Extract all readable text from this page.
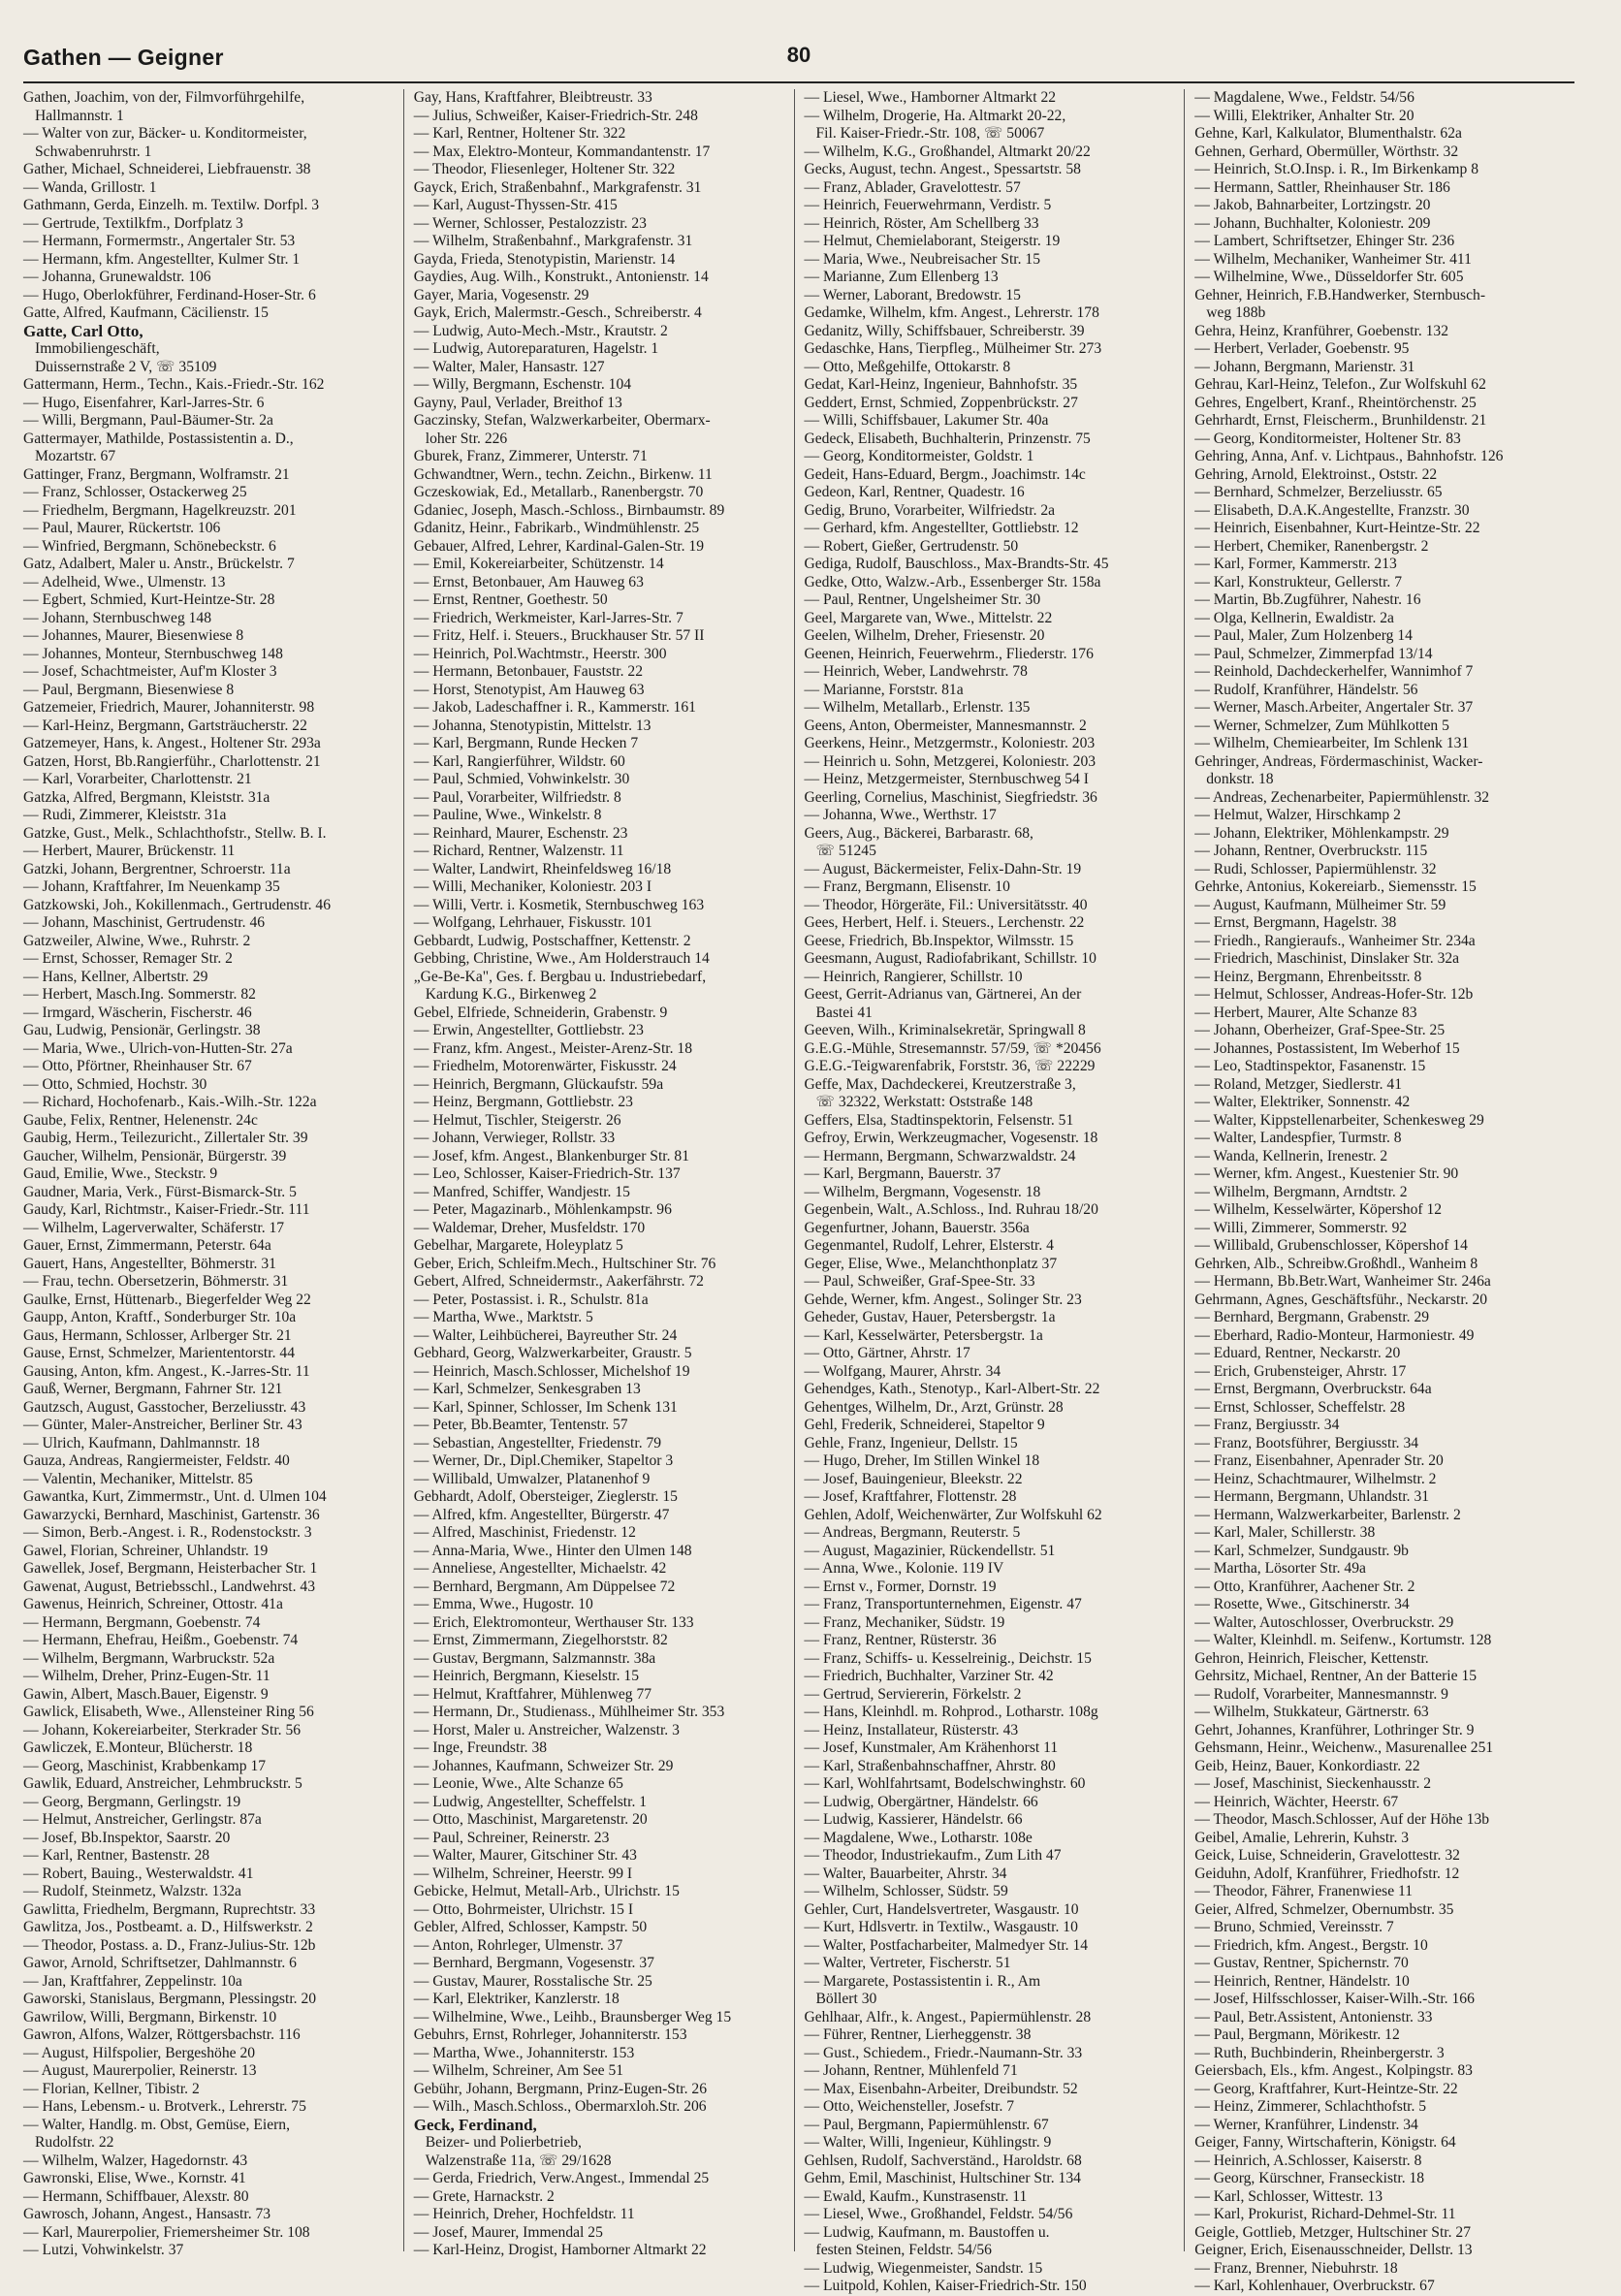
Gathen — Geigner	80
Gathen, Joachim, von der, Filmvorführgehilfe,
Hallmannstr. 1
— Walter von zur, Bäcker- u. Konditormeister,
Schwabenruhrstr. 1
Gather, Michael, Schneiderei, Liebfrauenstr. 38
— Wanda, Grillostr. 1
Gathmann, Gerda, Einzelh. m. Textilw. Dorfpl. 3
— Gertrude, Textilkfm., Dorfplatz 3
— Hermann, Formermstr., Angertaler Str. 53
— Hermann, kfm. Angestellter, Kulmer Str. 1
— Johanna, Grunewaldstr. 106
— Hugo, Oberlokführer, Ferdinand-Hoser-Str. 6
Gatte, Alfred, Kaufmann, Cäcilienstr. 15
Gatte, Carl Otto,
Immobiliengeschäft,
Duissernstraße 2 V, ☏ 35109
Gattermann, Herm., Techn., Kais.-Friedr.-Str. 162
— Hugo, Eisenfahrer, Karl-Jarres-Str. 6
— Willi, Bergmann, Paul-Bäumer-Str. 2a
Gattermayer, Mathilde, Postassistentin a. D.,
Mozartstr. 67
Gattinger, Franz, Bergmann, Wolframstr. 21
— Franz, Schlosser, Ostackerweg 25
— Friedhelm, Bergmann, Hagelkreuzstr. 201
— Paul, Maurer, Rückertstr. 106
— Winfried, Bergmann, Schönebeckstr. 6
Gatz, Adalbert, Maler u. Anstr., Brückelstr. 7
— Adelheid, Wwe., Ulmenstr. 13
— Egbert, Schmied, Kurt-Heintze-Str. 28
— Johann, Sternbuschweg 148
— Johannes, Maurer, Biesenwiese 8
— Johannes, Monteur, Sternbuschweg 148
— Josef, Schachtmeister, Auf'm Kloster 3
— Paul, Bergmann, Biesenwiese 8
Gatzemeier, Friedrich, Maurer, Johanniterstr. 98
— Karl-Heinz, Bergmann, Gartsträucherstr. 22
Gatzemeyer, Hans, k. Angest., Holtener Str. 293a
Gatzen, Horst, Bb.Rangierführ., Charlottenstr. 21
— Karl, Vorarbeiter, Charlottenstr. 21
Gatzka, Alfred, Bergmann, Kleiststr. 31a
— Rudi, Zimmerer, Kleiststr. 31a
Gatzke, Gust., Melk., Schlachthofstr., Stellw. B. I.
— Herbert, Maurer, Brückenstr. 11
Gatzki, Johann, Bergrentner, Schroerstr. 11a
— Johann, Kraftfahrer, Im Neuenkamp 35
Gatzkowski, Joh., Kokillenmach., Gertrudenstr. 46
— Johann, Maschinist, Gertrudenstr. 46
Gatzweiler, Alwine, Wwe., Ruhrstr. 2
— Ernst, Schosser, Remager Str. 2
— Hans, Kellner, Albertstr. 29
— Herbert, Masch.Ing. Sommerstr. 82
— Irmgard, Wäscherin, Fischerstr. 46
Gau, Ludwig, Pensionär, Gerlingstr. 38
— Maria, Wwe., Ulrich-von-Hutten-Str. 27a
— Otto, Pförtner, Rheinhauser Str. 67
— Otto, Schmied, Hochstr. 30
— Richard, Hochofenarb., Kais.-Wilh.-Str. 122a
Gaube, Felix, Rentner, Helenenstr. 24c
Gaubig, Herm., Teilezuricht., Zillertaler Str. 39
Gaucher, Wilhelm, Pensionär, Bürgerstr. 39
Gaud, Emilie, Wwe., Steckstr. 9
Gaudner, Maria, Verk., Fürst-Bismarck-Str. 5
Gaudy, Karl, Richtmstr., Kaiser-Friedr.-Str. 111
— Wilhelm, Lagerverwalter, Schäferstr. 17
Gauer, Ernst, Zimmermann, Peterstr. 64a
Gauert, Hans, Angestellter, Böhmerstr. 31
— Frau, techn. Obersetzerin, Böhmerstr. 31
Gaulke, Ernst, Hüttenarb., Biegerfelder Weg 22
Gaupp, Anton, Kraftf., Sonderburger Str. 10a
Gaus, Hermann, Schlosser, Arlberger Str. 21
Gause, Ernst, Schmelzer, Mariententorstr. 44
Gausing, Anton, kfm. Angest., K.-Jarres-Str. 11
Gauß, Werner, Bergmann, Fahrner Str. 121
Gautzsch, August, Gasstocher, Berzeliusstr. 43
— Günter, Maler-Anstreicher, Berliner Str. 43
— Ulrich, Kaufmann, Dahlmannstr. 18
Gauza, Andreas, Rangiermeister, Feldstr. 40
— Valentin, Mechaniker, Mittelstr. 85
Gawantka, Kurt, Zimmermstr., Unt. d. Ulmen 104
Gawarzycki, Bernhard, Maschinist, Gartenstr. 36
— Simon, Berb.-Angest. i. R., Rodenstockstr. 3
Gawel, Florian, Schreiner, Uhlandstr. 19
Gawellek, Josef, Bergmann, Heisterbacher Str. 1
Gawenat, August, Betriebsschl., Landwehrst. 43
Gawenus, Heinrich, Schreiner, Ottostr. 41a
— Hermann, Bergmann, Goebenstr. 74
— Hermann, Ehefrau, Heißm., Goebenstr. 74
— Wilhelm, Bergmann, Warbruckstr. 52a
— Wilhelm, Dreher, Prinz-Eugen-Str. 11
Gawin, Albert, Masch.Bauer, Eigenstr. 9
Gawlick, Elisabeth, Wwe., Allensteiner Ring 56
— Johann, Kokereiarbeiter, Sterkrader Str. 56
Gawliczek, E.Monteur, Blücherstr. 18
— Georg, Maschinist, Krabbenkamp 17
Gawlik, Eduard, Anstreicher, Lehmbruckstr. 5
— Georg, Bergmann, Gerlingstr. 19
— Helmut, Anstreicher, Gerlingstr. 87a
— Josef, Bb.Inspektor, Saarstr. 20
— Karl, Rentner, Bastenstr. 28
— Robert, Bauing., Westerwaldstr. 41
— Rudolf, Steinmetz, Walzstr. 132a
Gawlitta, Friedhelm, Bergmann, Ruprechtstr. 33
Gawlitza, Jos., Postbeamt. a. D., Hilfswerkstr. 2
— Theodor, Postass. a. D., Franz-Julius-Str. 12b
Gawor, Arnold, Schriftsetzer, Dahlmannstr. 6
— Jan, Kraftfahrer, Zeppelinstr. 10a
Gaworski, Stanislaus, Bergmann, Plessingstr. 20
Gawrilow, Willi, Bergmann, Birkenstr. 10
Gawron, Alfons, Walzer, Röttgersbachstr. 116
— August, Hilfspolier, Bergeshöhe 20
— August, Maurerpolier, Reinerstr. 13
— Florian, Kellner, Tibistr. 2
— Hans, Lebensm.- u. Brotverk., Lehrerstr. 75
— Walter, Handlg. m. Obst, Gemüse, Eiern,
Rudolfstr. 22
— Wilhelm, Walzer, Hagedornstr. 43
Gawronski, Elise, Wwe., Kornstr. 41
— Hermann, Schiffbauer, Alexstr. 80
Gawrosch, Johann, Angest., Hansastr. 73
— Karl, Maurerpolier, Friemersheimer Str. 108
— Lutzi, Vohwinkelstr. 37
Gay, Hans, Kraftfahrer, Bleibtreustr. 33
— Julius, Schweißer, Kaiser-Friedrich-Str. 248
— Karl, Rentner, Holtener Str. 322
— Max, Elektro-Monteur, Kommandantenstr. 17
— Theodor, Fliesenleger, Holtener Str. 322
Gayck, Erich, Straßenbahnf., Markgrafenstr. 31
— Karl, August-Thyssen-Str. 415
— Werner, Schlosser, Pestalozzistr. 23
— Wilhelm, Straßenbahnf., Markgrafenstr. 31
Gayda, Frieda, Stenotypistin, Marienstr. 14
Gaydies, Aug. Wilh., Konstrukt., Antonienstr. 14
Gayer, Maria, Vogesenstr. 29
Gayk, Erich, Malermstr.-Gesch., Schreiberstr. 4
— Ludwig, Auto-Mech.-Mstr., Krautstr. 2
— Ludwig, Autoreparaturen, Hagelstr. 1
— Walter, Maler, Hansastr. 127
— Willy, Bergmann, Eschenstr. 104
Gayny, Paul, Verlader, Breithof 13
Gaczinsky, Stefan, Walzwerkarbeiter, Obermarx-
loher Str. 226
Gburek, Franz, Zimmerer, Unterstr. 71
Gchwandtner, Wern., techn. Zeichn., Birkenw. 11
Gczeskowiak, Ed., Metallarb., Ranenbergstr. 70
Gdaniec, Joseph, Masch.-Schloss., Birnbaumstr. 89
Gdanitz, Heinr., Fabrikarb., Windmühlenstr. 25
Gebauer, Alfred, Lehrer, Kardinal-Galen-Str. 19
— Emil, Kokereiarbeiter, Schützenstr. 14
— Ernst, Betonbauer, Am Hauweg 63
— Ernst, Rentner, Goethestr. 50
— Friedrich, Werkmeister, Karl-Jarres-Str. 7
— Fritz, Helf. i. Steuers., Bruckhauser Str. 57 II
— Heinrich, Pol.Wachtmstr., Heerstr. 300
— Hermann, Betonbauer, Fauststr. 22
— Horst, Stenotypist, Am Hauweg 63
— Jakob, Ladeschaffner i. R., Kammerstr. 161
— Johanna, Stenotypistin, Mittelstr. 13
— Karl, Bergmann, Runde Hecken 7
— Karl, Rangierführer, Wildstr. 60
— Paul, Schmied, Vohwinkelstr. 30
— Paul, Vorarbeiter, Wilfriedstr. 8
— Pauline, Wwe., Winkelstr. 8
— Reinhard, Maurer, Eschenstr. 23
— Richard, Rentner, Walzenstr. 11
— Walter, Landwirt, Rheinfeldsweg 16/18
— Willi, Mechaniker, Koloniestr. 203 I
— Willi, Vertr. i. Kosmetik, Sternbuschweg 163
— Wolfgang, Lehrhauer, Fiskusstr. 101
Gebbardt, Ludwig, Postschaffner, Kettenstr. 2
Gebbing, Christine, Wwe., Am Holderstrauch 14
„Ge-Be-Ka", Ges. f. Bergbau u. Industriebedarf,
Kardung K.G., Birkenweg 2
Gebel, Elfriede, Schneiderin, Grabenstr. 9
— Erwin, Angestellter, Gottliebstr. 23
— Franz, kfm. Angest., Meister-Arenz-Str. 18
— Friedhelm, Motorenwärter, Fiskusstr. 24
— Heinrich, Bergmann, Glückaufstr. 59a
— Heinz, Bergmann, Gottliebstr. 23
— Helmut, Tischler, Steigerstr. 26
— Johann, Verwieger, Rollstr. 33
— Josef, kfm. Angest., Blankenburger Str. 81
— Leo, Schlosser, Kaiser-Friedrich-Str. 137
— Manfred, Schiffer, Wandjestr. 15
— Peter, Magazinarb., Möhlenkampstr. 96
— Waldemar, Dreher, Musfeldstr. 170
Gebelhar, Margarete, Holeyplatz 5
Geber, Erich, Schleifm.Mech., Hultschiner Str. 76
Gebert, Alfred, Schneidermstr., Aakerfährstr. 72
— Peter, Postassist. i. R., Schulstr. 81a
— Martha, Wwe., Marktstr. 5
— Walter, Leihbücherei, Bayreuther Str. 24
Gebhard, Georg, Walzwerkarbeiter, Graustr. 5
— Heinrich, Masch.Schlosser, Michelshof 19
— Karl, Schmelzer, Senkesgraben 13
— Karl, Spinner, Schlosser, Im Schenk 131
— Peter, Bb.Beamter, Tentenstr. 57
— Sebastian, Angestellter, Friedenstr. 79
— Werner, Dr., Dipl.Chemiker, Stapeltor 3
— Willibald, Umwalzer, Platanenhof 9
Gebhardt, Adolf, Obersteiger, Zieglerstr. 15
— Alfred, kfm. Angestellter, Bürgerstr. 47
— Alfred, Maschinist, Friedenstr. 12
— Anna-Maria, Wwe., Hinter den Ulmen 148
— Anneliese, Angestellter, Michaelstr. 42
— Bernhard, Bergmann, Am Düppelsee 72
— Emma, Wwe., Hugostr. 10
— Erich, Elektromonteur, Werthauser Str. 133
— Ernst, Zimmermann, Ziegelhorststr. 82
— Gustav, Bergmann, Salzmannstr. 38a
— Heinrich, Bergmann, Kieselstr. 15
— Helmut, Kraftfahrer, Mühlenweg 77
— Hermann, Dr., Studienass., Mühlheimer Str. 353
— Horst, Maler u. Anstreicher, Walzenstr. 3
— Inge, Freundstr. 38
— Johannes, Kaufmann, Schweizer Str. 29
— Leonie, Wwe., Alte Schanze 65
— Ludwig, Angestellter, Scheffelstr. 1
— Otto, Maschinist, Margaretenstr. 20
— Paul, Schreiner, Reinerstr. 23
— Walter, Maurer, Gitschiner Str. 43
— Wilhelm, Schreiner, Heerstr. 99 I
Gebicke, Helmut, Metall-Arb., Ulrichstr. 15
— Otto, Bohrmeister, Ulrichstr. 15 I
Gebler, Alfred, Schlosser, Kampstr. 50
— Anton, Rohrleger, Ulmenstr. 37
— Bernhard, Bergmann, Vogesenstr. 37
— Gustav, Maurer, Rosstalische Str. 25
— Karl, Elektriker, Kanzlerstr. 18
— Wilhelmine, Wwe., Leihb., Braunsberger Weg 15
Gebuhrs, Ernst, Rohrleger, Johanniterstr. 153
— Martha, Wwe., Johanniterstr. 153
— Wilhelm, Schreiner, Am See 51
Gebühr, Johann, Bergmann, Prinz-Eugen-Str. 26
— Wilh., Masch.Schloss., Obermarxloh.Str. 206
Geck, Ferdinand,
Beizer- und Polierbetrieb,
Walzenstraße 11a, ☏ 29/1628
— Gerda, Friedrich, Verw.Angest., Immendal 25
— Grete, Harnackstr. 2
— Heinrich, Dreher, Hochfeldstr. 11
— Josef, Maurer, Immendal 25
— Karl-Heinz, Drogist, Hamborner Altmarkt 22
— Liesel, Wwe., Hamborner Altmarkt 22
— Wilhelm, Drogerie, Ha. Altmarkt 20-22,
Fil. Kaiser-Friedr.-Str. 108, ☏ 50067
— Wilhelm, K.G., Großhandel, Altmarkt 20/22
Gecks, August, techn. Angest., Spessartstr. 58
— Franz, Ablader, Gravelottestr. 57
— Heinrich, Feuerwehrmann, Verdistr. 5
— Heinrich, Röster, Am Schellberg 33
— Helmut, Chemielaborant, Steigerstr. 19
— Maria, Wwe., Neubreisacher Str. 15
— Marianne, Zum Ellenberg 13
— Werner, Laborant, Bredowstr. 15
Gedamke, Wilhelm, kfm. Angest., Lehrerstr. 178
Gedanitz, Willy, Schiffsbauer, Schreiberstr. 39
Gedaschke, Hans, Tierpfleg., Mülheimer Str. 273
— Otto, Meßgehilfe, Ottokarstr. 8
Gedat, Karl-Heinz, Ingenieur, Bahnhofstr. 35
Geddert, Ernst, Schmied, Zoppenbrückstr. 27
— Willi, Schiffsbauer, Lakumer Str. 40a
Gedeck, Elisabeth, Buchhalterin, Prinzenstr. 75
— Georg, Konditormeister, Goldstr. 1
Gedeit, Hans-Eduard, Bergm., Joachimstr. 14c
Gedeon, Karl, Rentner, Quadestr. 16
Gedig, Bruno, Vorarbeiter, Wilfriedstr. 2a
— Gerhard, kfm. Angestellter, Gottliebstr. 12
— Robert, Gießer, Gertrudenstr. 50
Gediga, Rudolf, Bauschloss., Max-Brandts-Str. 45
Gedke, Otto, Walzw.-Arb., Essenberger Str. 158a
— Paul, Rentner, Ungelsheimer Str. 30
Geel, Margarete van, Wwe., Mittelstr. 22
Geelen, Wilhelm, Dreher, Friesenstr. 20
Geenen, Heinrich, Feuerwehrm., Fliederstr. 176
— Heinrich, Weber, Landwehrstr. 78
— Marianne, Forststr. 81a
— Wilhelm, Metallarb., Erlenstr. 135
Geens, Anton, Obermeister, Mannesmannstr. 2
Geerkens, Heinr., Metzgermstr., Koloniestr. 203
— Heinrich u. Sohn, Metzgerei, Koloniestr. 203
— Heinz, Metzgermeister, Sternbuschweg 54 I
Geerling, Cornelius, Maschinist, Siegfriedstr. 36
— Johanna, Wwe., Werthstr. 17
Geers, Aug., Bäckerei, Barbarastr. 68,
☏ 51245
— August, Bäckermeister, Felix-Dahn-Str. 19
— Franz, Bergmann, Elisenstr. 10
— Theodor, Hörgeräte, Fil.: Universitätsstr. 40
Gees, Herbert, Helf. i. Steuers., Lerchenstr. 22
Geese, Friedrich, Bb.Inspektor, Wilmsstr. 15
Geesmann, August, Radiofabrikant, Schillstr. 10
— Heinrich, Rangierer, Schillstr. 10
Geest, Gerrit-Adrianus van, Gärtnerei, An der
Bastei 41
Geeven, Wilh., Kriminalsekretär, Springwall 8
G.E.G.-Mühle, Stresemannstr. 57/59, ☏ *20456
G.E.G.-Teigwarenfabrik, Forststr. 36, ☏ 22229
Geffe, Max, Dachdeckerei, Kreutzerstraße 3,
☏ 32322, Werkstatt: Oststraße 148
Geffers, Elsa, Stadtinspektorin, Felsenstr. 51
Gefroy, Erwin, Werkzeugmacher, Vogesenstr. 18
— Hermann, Bergmann, Schwarzwaldstr. 24
— Karl, Bergmann, Bauerstr. 37
— Wilhelm, Bergmann, Vogesenstr. 18
Gegenbein, Walt., A.Schloss., Ind. Ruhrau 18/20
Gegenfurtner, Johann, Bauerstr. 356a
Gegenmantel, Rudolf, Lehrer, Elsterstr. 4
Geger, Elise, Wwe., Melanchthonplatz 37
— Paul, Schweißer, Graf-Spee-Str. 33
Gehde, Werner, kfm. Angest., Solinger Str. 23
Geheder, Gustav, Hauer, Petersbergstr. 1a
— Karl, Kesselwärter, Petersbergstr. 1a
— Otto, Gärtner, Ahrstr. 17
— Wolfgang, Maurer, Ahrstr. 34
Gehendges, Kath., Stenotyp., Karl-Albert-Str. 22
Gehentges, Wilhelm, Dr., Arzt, Grünstr. 28
Gehl, Frederik, Schneiderei, Stapeltor 9
Gehle, Franz, Ingenieur, Dellstr. 15
— Hugo, Dreher, Im Stillen Winkel 18
— Josef, Bauingenieur, Bleekstr. 22
— Josef, Kraftfahrer, Flottenstr. 28
Gehlen, Adolf, Weichenwärter, Zur Wolfskuhl 62
— Andreas, Bergmann, Reuterstr. 5
— August, Magazinier, Rückendellstr. 51
— Anna, Wwe., Kolonie. 119 IV
— Ernst v., Former, Dornstr. 19
— Franz, Transportunternehmen, Eigenstr. 47
— Franz, Mechaniker, Südstr. 19
— Franz, Rentner, Rüsterstr. 36
— Franz, Schiffs- u. Kesselreinig., Deichstr. 15
— Friedrich, Buchhalter, Varziner Str. 42
— Gertrud, Serviererin, Förkelstr. 2
— Hans, Kleinhdl. m. Rohprod., Lotharstr. 108g
— Heinz, Installateur, Rüsterstr. 43
— Josef, Kunstmaler, Am Krähenhorst 11
— Karl, Straßenbahnschaffner, Ahrstr. 80
— Karl, Wohlfahrtsamt, Bodelschwinghstr. 60
— Ludwig, Obergärtner, Händelstr. 66
— Ludwig, Kassierer, Händelstr. 66
— Magdalene, Wwe., Lotharstr. 108e
— Theodor, Industriekaufm., Zum Lith 47
— Walter, Bauarbeiter, Ahrstr. 34
— Wilhelm, Schlosser, Südstr. 59
Gehler, Curt, Handelsvertreter, Wasgaustr. 10
— Kurt, Hdlsvertr. in Textilw., Wasgaustr. 10
— Walter, Postfacharbeiter, Malmedyer Str. 14
— Walter, Vertreter, Fischerstr. 51
— Margarete, Postassistentin i. R., Am
Böllert 30
Gehlhaar, Alfr., k. Angest., Papiermühlenstr. 28
— Führer, Rentner, Lierheggenstr. 38
— Gust., Schiedem., Friedr.-Naumann-Str. 33
— Johann, Rentner, Mühlenfeld 71
— Max, Eisenbahn-Arbeiter, Dreibundstr. 52
— Otto, Weichensteller, Josefstr. 7
— Paul, Bergmann, Papiermühlenstr. 67
— Walter, Willi, Ingenieur, Kühlingstr. 9
Gehlsen, Rudolf, Sachverständ., Haroldstr. 68
Gehm, Emil, Maschinist, Hultschiner Str. 134
— Ewald, Kaufm., Kunstrasenstr. 11
— Liesel, Wwe., Großhandel, Feldstr. 54/56
— Ludwig, Kaufmann, m. Baustoffen u.
festen Steinen, Feldstr. 54/56
— Ludwig, Wiegenmeister, Sandstr. 15
— Luitpold, Kohlen, Kaiser-Friedrich-Str. 150
— Magdalene, Wwe., Feldstr. 54/56
— Willi, Elektriker, Anhalter Str. 20
Gehne, Karl, Kalkulator, Blumenthalstr. 62a
Gehnen, Gerhard, Obermüller, Wörthstr. 32
— Heinrich, St.O.Insp. i. R., Im Birkenkamp 8
— Hermann, Sattler, Rheinhauser Str. 186
— Jakob, Bahnarbeiter, Lortzingstr. 20
— Johann, Buchhalter, Koloniestr. 209
— Lambert, Schriftsetzer, Ehinger Str. 236
— Wilhelm, Mechaniker, Wanheimer Str. 411
— Wilhelmine, Wwe., Düsseldorfer Str. 605
Gehner, Heinrich, F.B.Handwerker, Sternbusch-
weg 188b
Gehra, Heinz, Kranführer, Goebenstr. 132
— Herbert, Verlader, Goebenstr. 95
— Johann, Bergmann, Marienstr. 31
Gehrau, Karl-Heinz, Telefon., Zur Wolfskuhl 62
Gehres, Engelbert, Kranf., Rheintörchenstr. 25
Gehrhardt, Ernst, Fleischerm., Brunhildenstr. 21
— Georg, Konditormeister, Holtener Str. 83
Gehring, Anna, Anf. v. Lichtpaus., Bahnhofstr. 126
Gehring, Arnold, Elektroinst., Oststr. 22
— Bernhard, Schmelzer, Berzeliusstr. 65
— Elisabeth, D.A.K.Angestellte, Franzstr. 30
— Heinrich, Eisenbahner, Kurt-Heintze-Str. 22
— Herbert, Chemiker, Ranenbergstr. 2
— Karl, Former, Kammerstr. 213
— Karl, Konstrukteur, Gellerstr. 7
— Martin, Bb.Zugführer, Nahestr. 16
— Olga, Kellnerin, Ewaldistr. 2a
— Paul, Maler, Zum Holzenberg 14
— Paul, Schmelzer, Zimmerpfad 13/14
— Reinhold, Dachdeckerhelfer, Wannimhof 7
— Rudolf, Kranführer, Händelstr. 56
— Werner, Masch.Arbeiter, Angertaler Str. 37
— Werner, Schmelzer, Zum Mühlkotten 5
— Wilhelm, Chemiearbeiter, Im Schlenk 131
Gehringer, Andreas, Fördermaschinist, Wacker-
donkstr. 18
— Andreas, Zechenarbeiter, Papiermühlenstr. 32
— Helmut, Walzer, Hirschkamp 2
— Johann, Elektriker, Möhlenkampstr. 29
— Johann, Rentner, Overbruckstr. 115
— Rudi, Schlosser, Papiermühlenstr. 32
Gehrke, Antonius, Kokereiarb., Siemensstr. 15
— August, Kaufmann, Mülheimer Str. 59
— Ernst, Bergmann, Hagelstr. 38
— Friedh., Rangieraufs., Wanheimer Str. 234a
— Friedrich, Maschinist, Dinslaker Str. 32a
— Heinz, Bergmann, Ehrenbeitsstr. 8
— Helmut, Schlosser, Andreas-Hofer-Str. 12b
— Herbert, Maurer, Alte Schanze 83
— Johann, Oberheizer, Graf-Spee-Str. 25
— Johannes, Postassistent, Im Weberhof 15
— Leo, Stadtinspektor, Fasanenstr. 15
— Roland, Metzger, Siedlerstr. 41
— Walter, Elektriker, Sonnenstr. 42
— Walter, Kippstellenarbeiter, Schenkesweg 29
— Walter, Landespfier, Turmstr. 8
— Wanda, Kellnerin, Irenestr. 2
— Werner, kfm. Angest., Kuestenier Str. 90
— Wilhelm, Bergmann, Arndtstr. 2
— Wilhelm, Kesselwärter, Köpershof 12
— Willi, Zimmerer, Sommerstr. 92
— Willibald, Grubenschlosser, Köpershof 14
Gehrken, Alb., Schreibw.Großhdl., Wanheim 8
— Hermann, Bb.Betr.Wart, Wanheimer Str. 246a
Gehrmann, Agnes, Geschäftsführ., Neckarstr. 20
— Bernhard, Bergmann, Grabenstr. 29
— Eberhard, Radio-Monteur, Harmoniestr. 49
— Eduard, Rentner, Neckarstr. 20
— Erich, Grubensteiger, Ahrstr. 17
— Ernst, Bergmann, Overbruckstr. 64a
— Ernst, Schlosser, Scheffelstr. 28
— Franz, Bergiusstr. 34
— Franz, Bootsführer, Bergiusstr. 34
— Franz, Eisenbahner, Apenrader Str. 20
— Heinz, Schachtmaurer, Wilhelmstr. 2
— Hermann, Bergmann, Uhlandstr. 31
— Hermann, Walzwerkarbeiter, Barlenstr. 2
— Karl, Maler, Schillerstr. 38
— Karl, Schmelzer, Sundgaustr. 9b
— Martha, Lösorter Str. 49a
— Otto, Kranführer, Aachener Str. 2
— Rosette, Wwe., Gitschinerstr. 34
— Walter, Autoschlosser, Overbruckstr. 29
— Walter, Kleinhdl. m. Seifenw., Kortumstr. 128
Gehron, Heinrich, Fleischer, Kettenstr.
Gehrsitz, Michael, Rentner, An der Batterie 15
— Rudolf, Vorarbeiter, Mannesmannstr. 9
— Wilhelm, Stukkateur, Gärtnerstr. 63
Gehrt, Johannes, Kranführer, Lothringer Str. 9
Gehsmann, Heinr., Weichenw., Masurenallee 251
Geib, Heinz, Bauer, Konkordiastr. 22
— Josef, Maschinist, Sieckenhausstr. 2
— Heinrich, Wächter, Heerstr. 67
— Theodor, Masch.Schlosser, Auf der Höhe 13b
Geibel, Amalie, Lehrerin, Kuhstr. 3
Geick, Luise, Schneiderin, Gravelottestr. 32
Geiduhn, Adolf, Kranführer, Friedhofstr. 12
— Theodor, Fährer, Franenwiese 11
Geier, Alfred, Schmelzer, Obernumbstr. 35
— Bruno, Schmied, Vereinsstr. 7
— Friedrich, kfm. Angest., Bergstr. 10
— Gustav, Rentner, Spichernstr. 70
— Heinrich, Rentner, Händelstr. 10
— Josef, Hilfsschlosser, Kaiser-Wilh.-Str. 166
— Paul, Betr.Assistent, Antonienstr. 33
— Paul, Bergmann, Mörikestr. 12
— Ruth, Buchbinderin, Rheinbergerstr. 3
Geiersbach, Els., kfm. Angest., Kolpingstr. 83
— Georg, Kraftfahrer, Kurt-Heintze-Str. 22
— Heinz, Zimmerer, Schlachthofstr. 5
— Werner, Kranführer, Lindenstr. 34
Geiger, Fanny, Wirtschafterin, Königstr. 64
— Heinrich, A.Schlosser, Kaiserstr. 8
— Georg, Kürschner, Franseckistr. 18
— Karl, Schlosser, Wittestr. 13
— Karl, Prokurist, Richard-Dehmel-Str. 11
Geigle, Gottlieb, Metzger, Hultschiner Str. 27
Geigner, Erich, Eisenausschneider, Dellstr. 13
— Franz, Brenner, Niebuhrstr. 18
— Karl, Kohlenhauer, Overbruckstr. 67
